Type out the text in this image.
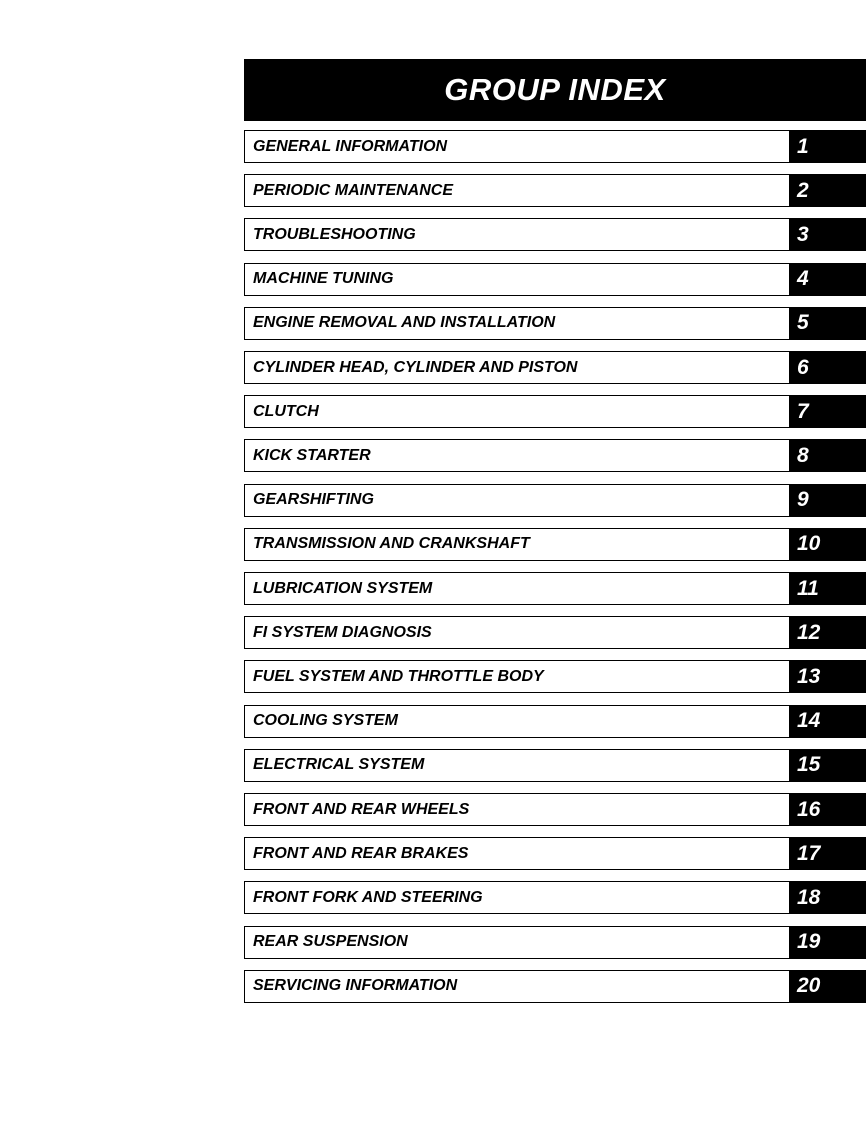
GROUP INDEX
GENERAL INFORMATION	1
PERIODIC MAINTENANCE	2
TROUBLESHOOTING	3
MACHINE TUNING	4
ENGINE REMOVAL AND INSTALLATION	5
CYLINDER HEAD, CYLINDER AND PISTON	6
CLUTCH	7
KICK STARTER	8
GEARSHIFTING	9
TRANSMISSION AND CRANKSHAFT	10
LUBRICATION SYSTEM	11
FI SYSTEM DIAGNOSIS	12
FUEL SYSTEM AND THROTTLE BODY	13
COOLING SYSTEM	14
ELECTRICAL SYSTEM	15
FRONT AND REAR WHEELS	16
FRONT AND REAR BRAKES	17
FRONT FORK AND STEERING	18
REAR SUSPENSION	19
SERVICING INFORMATION	20
